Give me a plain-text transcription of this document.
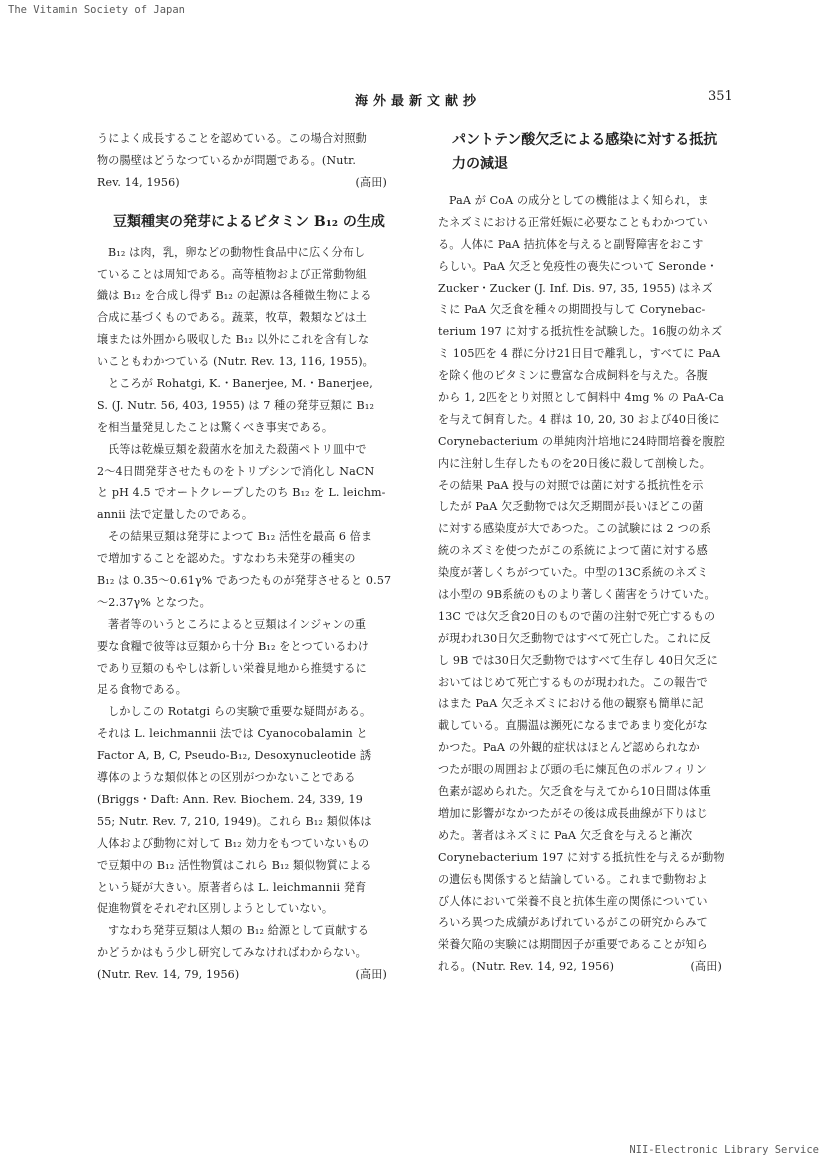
The Vitamin Society of Japan
海外最新文献抄	351
うによく成長することを認めている。この場合対照動
物の腸壁はどうなつているかが問題である。(Nutr.
Rev. 14, 1956)	(高田)
豆類種実の発芽によるビタミン B₁₂ の生成
B₁₂ は肉，乳，卵などの動物性食品中に広く分布し
ていることは周知である。高等植物および正常動物組
織は B₁₂ を合成し得ず B₁₂ の起源は各種微生物による
合成に基づくものである。蔬菜，牧草，穀類などは土
壌または外囲から吸収した B₁₂ 以外にこれを含有しな
いこともわかつている (Nutr. Rev. 13, 116, 1955)。
ところが Rohatgi, K.・Banerjee, M.・Banerjee,
S. (J. Nutr. 56, 403, 1955) は 7 種の発芽豆類に B₁₂
を相当量発見したことは驚くべき事実である。
氏等は乾燥豆類を殺菌水を加えた殺菌ペトリ皿中で
2〜4日間発芽させたものをトリプシンで消化し NaCN
と pH 4.5 でオートクレーブしたのち B₁₂ を L. leichm-
annii 法で定量したのである。
その結果豆類は発芽によつて B₁₂ 活性を最高 6 倍ま
で増加することを認めた。すなわち未発芽の種実の
B₁₂ は 0.35〜0.61γ% であつたものが発芽させると 0.57
〜2.37γ% となつた。
著者等のいうところによると豆類はインジャンの重
要な食糧で彼等は豆類から十分 B₁₂ をとつているわけ
であり豆類のもやしは新しい栄養見地から推奨するに
足る食物である。
しかしこの Rotatgi らの実験で重要な疑問がある。
それは L. leichmannii 法では Cyanocobalamin と
Factor A, B, C, Pseudo-B₁₂, Desoxynucleotide 誘
導体のような類似体との区別がつかないことである
(Briggs・Daft: Ann. Rev. Biochem. 24, 339, 19
55; Nutr. Rev. 7, 210, 1949)。これら B₁₂ 類似体は
人体および動物に対して B₁₂ 効力をもつていないもの
で豆類中の B₁₂ 活性物質はこれら B₁₂ 類似物質による
という疑が大きい。原著者らは L. leichmannii 発育
促進物質をそれぞれ区別しようとしていない。
すなわち発芽豆類は人類の B₁₂ 給源として貢献する
かどうかはもう少し研究してみなければわからない。
(Nutr. Rev. 14, 79, 1956)	(高田)
パントテン酸欠乏による感染に対する抵抗
力の減退
PaA が CoA の成分としての機能はよく知られ，ま
たネズミにおける正常妊娠に必要なこともわかつてい
る。人体に PaA 拮抗体を与えると副腎障害をおこす
らしい。PaA 欠乏と免疫性の喪失について Seronde・
Zucker・Zucker (J. Inf. Dis. 97, 35, 1955) はネズ
ミに PaA 欠乏食を種々の期間投与して Corynebac-
terium 197 に対する抵抗性を試験した。16腹の幼ネズ
ミ 105匹を 4 群に分け21日目で離乳し，すべてに PaA
を除く他のビタミンに豊富な合成飼料を与えた。各腹
から 1, 2匹をとり対照として飼料中 4mg % の PaA-Ca
を与えて飼育した。4 群は 10, 20, 30 および40日後に
Corynebacterium の単純肉汁培地に24時間培養を腹腔
内に注射し生存したものを20日後に殺して剖検した。
その結果 PaA 投与の対照では菌に対する抵抗性を示
したが PaA 欠乏動物では欠乏期間が長いほどこの菌
に対する感染度が大であつた。この試験には 2 つの系
統のネズミを使つたがこの系統によつて菌に対する感
染度が著しくちがつていた。中型の13C系統のネズミ
は小型の 9B系統のものより著しく菌害をうけていた。
13C では欠乏食20日のもので菌の注射で死亡するもの
が現われ30日欠乏動物ではすべて死亡した。これに反
し 9B では30日欠乏動物ではすべて生存し 40日欠乏に
おいてはじめて死亡するものが現われた。この報告で
はまた PaA 欠乏ネズミにおける他の観察も簡単に記
載している。直腸温は瀕死になるまであまり変化がな
かつた。PaA の外観的症状はほとんど認められなか
つたが眼の周囲および頭の毛に煉瓦色のポルフィリン
色素が認められた。欠乏食を与えてから10日間は体重
増加に影響がなかつたがその後は成長曲線が下りはじ
めた。著者はネズミに PaA 欠乏食を与えると漸次
Corynebacterium 197 に対する抵抗性を与えるが動物
の遺伝も関係すると結論している。これまで動物およ
び人体において栄養不良と抗体生産の関係についてい
ろいろ異つた成績があげれているがこの研究からみて
栄養欠陥の実験には期間因子が重要であることが知ら
れる。(Nutr. Rev. 14, 92, 1956)	(高田)
NII-Electronic Library Service
